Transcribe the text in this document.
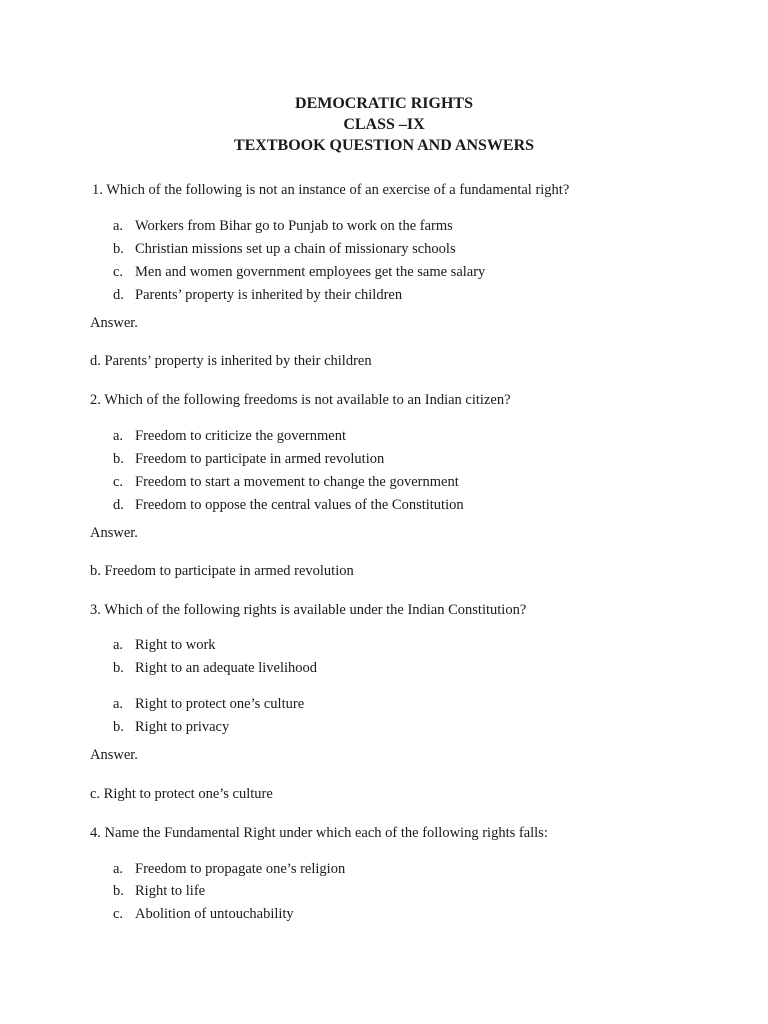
DEMOCRATIC RIGHTS
CLASS –IX
TEXTBOOK QUESTION AND ANSWERS
1. Which of the following is not an instance of an exercise of a fundamental right?
a. Workers from Bihar go to Punjab to work on the farms
b. Christian missions set up a chain of missionary schools
c. Men and women government employees get the same salary
d. Parents’ property is inherited by their children
Answer.
d. Parents’ property is inherited by their children
2. Which of the following freedoms is not available to an Indian citizen?
a. Freedom to criticize the government
b. Freedom to participate in armed revolution
c. Freedom to start a movement to change the government
d. Freedom to oppose the central values of the Constitution
Answer.
b. Freedom to participate in armed revolution
3. Which of the following rights is available under the Indian Constitution?
a. Right to work
b. Right to an adequate livelihood
a. Right to protect one’s culture
b. Right to privacy
Answer.
c. Right to protect one’s culture
4. Name the Fundamental Right under which each of the following rights falls:
a. Freedom to propagate one’s religion
b. Right to life
c. Abolition of untouchability
